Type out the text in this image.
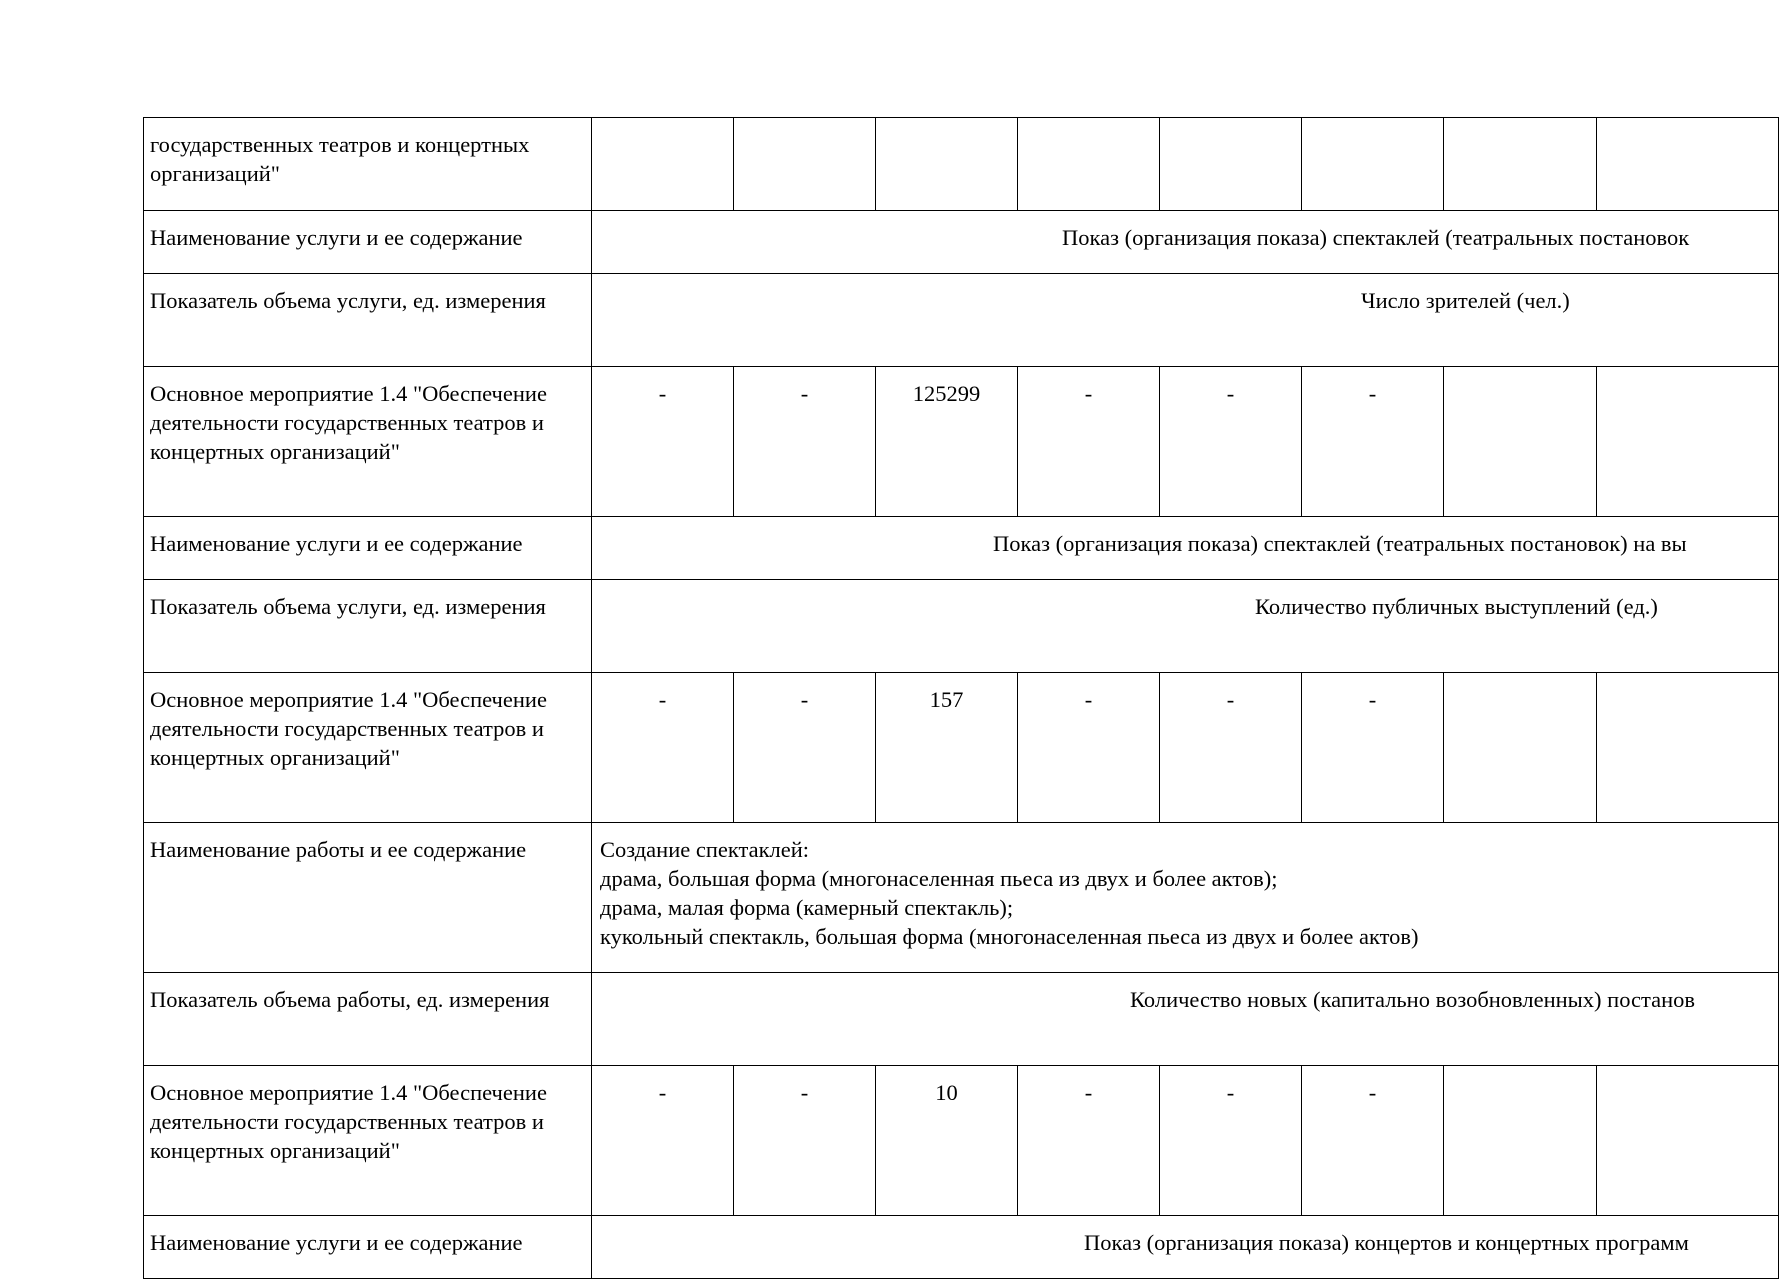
государственных театров и концертных организаций"								
Наименование услуги и ее содержание	Показ (организация показа) спектаклей (театральных постановок							
Показатель объема услуги, ед. измерения	Число зрителей (чел.)							
Основное мероприятие 1.4 "Обеспечение деятельности государственных театров и концертных организаций"	-	-	125299	-	-	-		
Наименование услуги и ее содержание	Показ (организация показа) спектаклей (театральных постановок) на вы							
Показатель объема услуги, ед. измерения	Количество публичных выступлений (ед.)							
Основное мероприятие 1.4 "Обеспечение деятельности государственных театров и концертных организаций"	-	-	157	-	-	-		
Наименование работы и ее содержание	Создание спектаклей:
драма, большая форма (многонаселенная пьеса из двух и более актов);
драма, малая форма (камерный спектакль);
кукольный спектакль, большая форма (многонаселенная пьеса из двух и более актов)							

Показатель объема работы, ед. измерения	Количество новых (капитально возобновленных) постанов							
Основное мероприятие 1.4 "Обеспечение деятельности государственных театров и концертных организаций"	-	-	10	-	-	-		
Наименование услуги и ее содержание	Показ (организация показа) концертов и концертных программ							
